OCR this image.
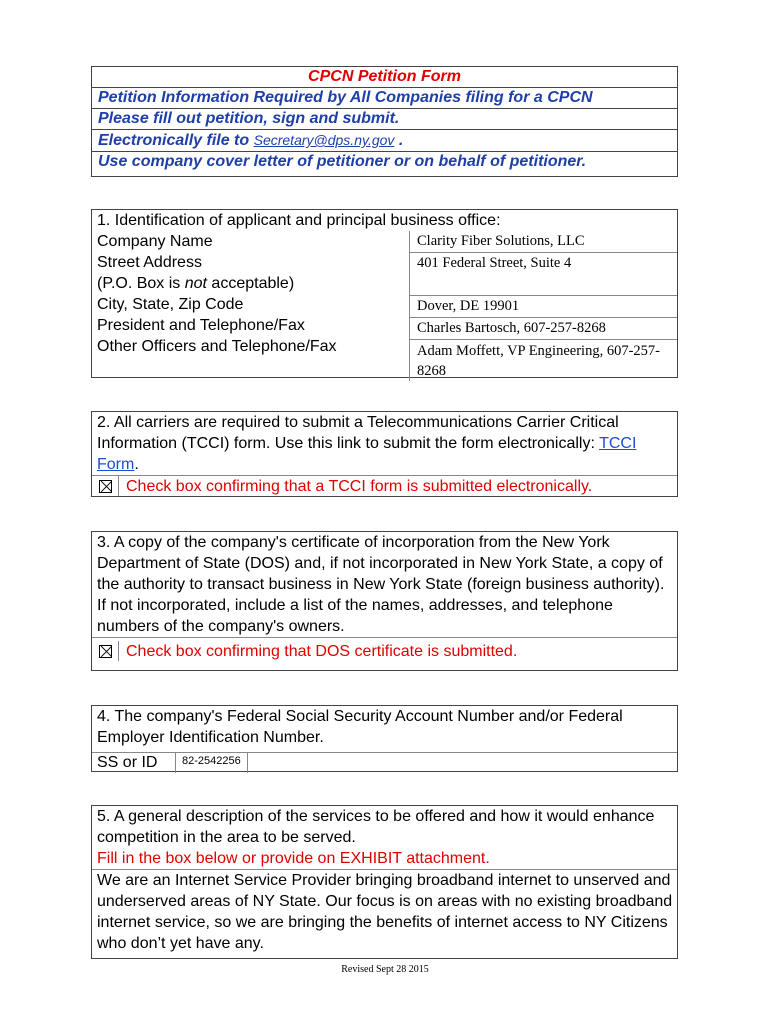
CPCN Petition Form
Petition Information Required by All Companies filing for a CPCN
Please fill out petition, sign and submit.
Electronically file to Secretary@dps.ny.gov .
Use company cover letter of petitioner or on behalf of petitioner.
1. Identification of applicant and principal business office:
Company Name
Street Address
(P.O. Box is not acceptable)
City, State, Zip Code
President and Telephone/Fax
Other Officers and Telephone/Fax
Clarity Fiber Solutions, LLC
401 Federal Street, Suite 4
Dover, DE 19901
Charles Bartosch, 607-257-8268
Adam Moffett, VP Engineering, 607-257-8268
2. All carriers are required to submit a Telecommunications Carrier Critical Information (TCCI) form. Use this link to submit the form electronically: TCCI Form.
Check box confirming that a TCCI form is submitted electronically.
3. A copy of the company's certificate of incorporation from the New York Department of State (DOS) and, if not incorporated in New York State, a copy of the authority to transact business in New York State (foreign business authority). If not incorporated, include a list of the names, addresses, and telephone numbers of the company's owners.
Check box confirming that DOS certificate is submitted.
4. The company's Federal Social Security Account Number and/or Federal Employer Identification Number.
SS or ID	82-2542256
5. A general description of the services to be offered and how it would enhance competition in the area to be served.
Fill in the box below or provide on EXHIBIT attachment.
We are an Internet Service Provider bringing broadband internet to unserved and underserved areas of NY State. Our focus is on areas with no existing broadband internet service, so we are bringing the benefits of internet access to NY Citizens who don’t yet have any.
Revised Sept 28 2015
